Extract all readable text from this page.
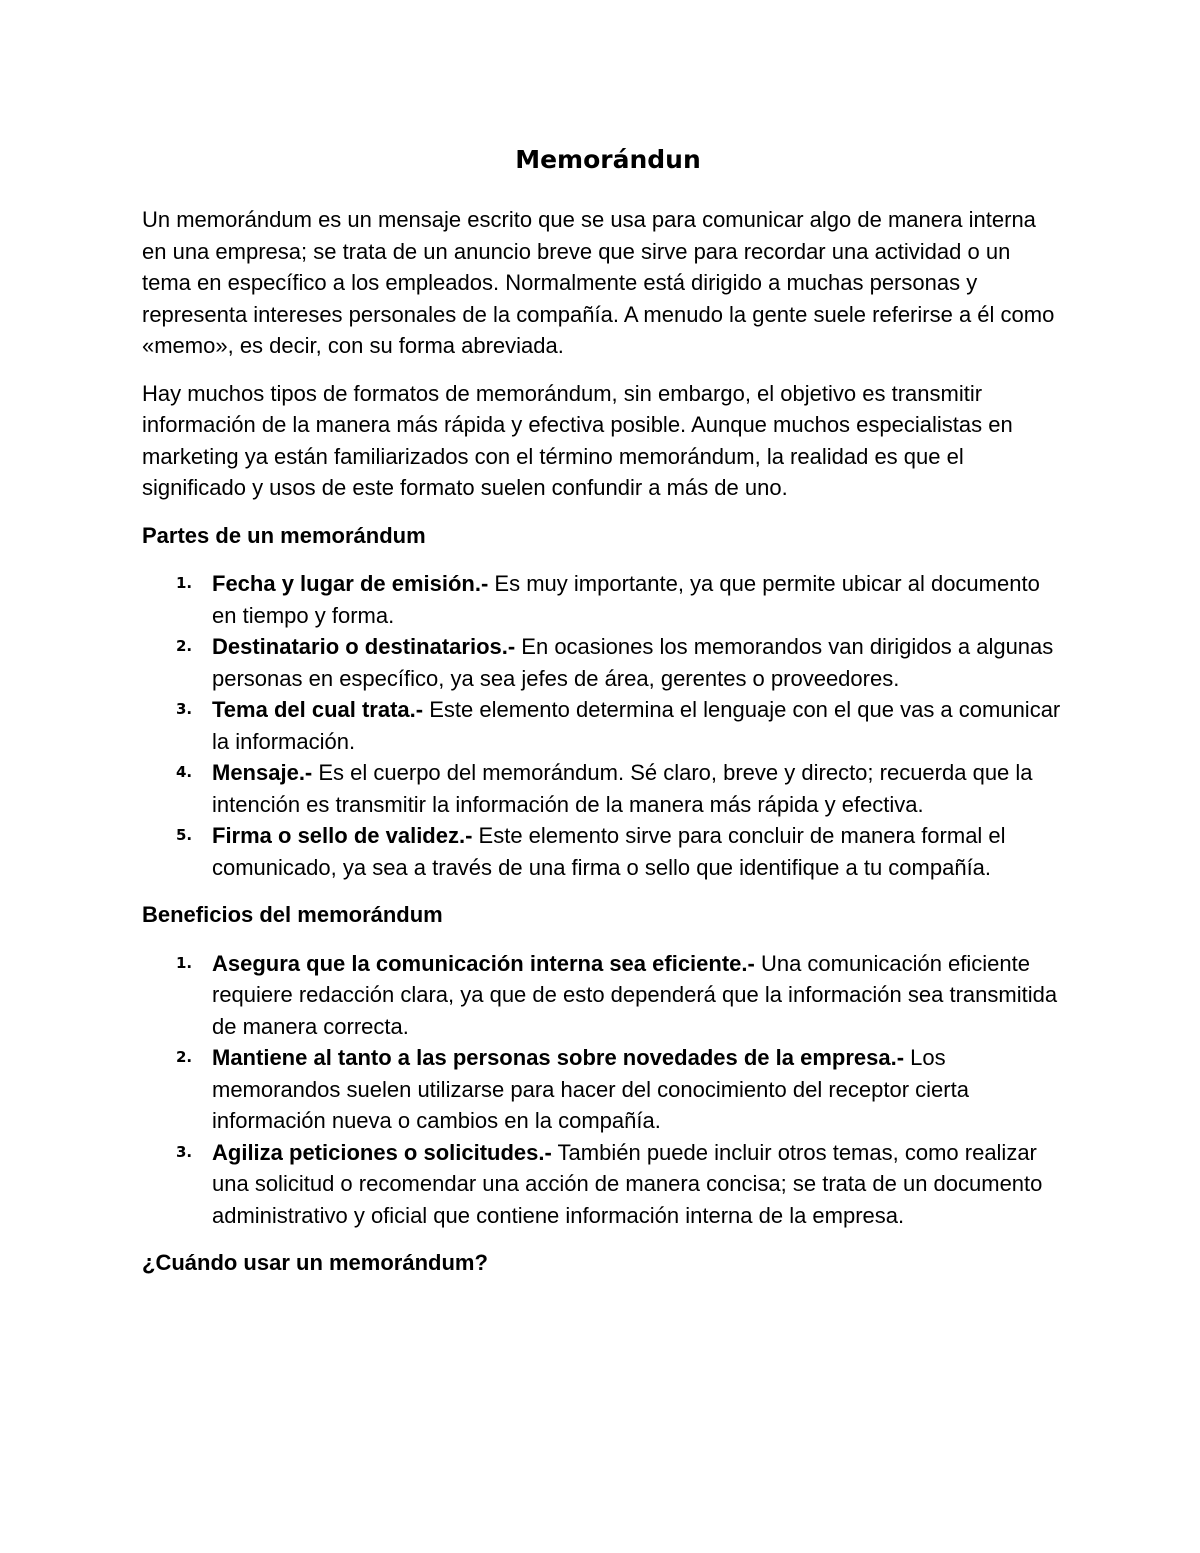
Memorándun

Un memorándum es un mensaje escrito que se usa para comunicar algo de manera interna en una empresa; se trata de un anuncio breve que sirve para recordar una actividad o un tema en específico a los empleados. Normalmente está dirigido a muchas personas y representa intereses personales de la compañía. A menudo la gente suele referirse a él como «memo», es decir, con su forma abreviada.

Hay muchos tipos de formatos de memorándum, sin embargo, el objetivo es transmitir información de la manera más rápida y efectiva posible. Aunque muchos especialistas en marketing ya están familiarizados con el término memorándum, la realidad es que el significado y usos de este formato suelen confundir a más de uno.

Partes de un memorándum
1. Fecha y lugar de emisión.- Es muy importante, ya que permite ubicar al documento en tiempo y forma.
2. Destinatario o destinatarios.- En ocasiones los memorandos van dirigidos a algunas personas en específico, ya sea jefes de área, gerentes o proveedores.
3. Tema del cual trata.- Este elemento determina el lenguaje con el que vas a comunicar la información.
4. Mensaje.- Es el cuerpo del memorándum. Sé claro, breve y directo; recuerda que la intención es transmitir la información de la manera más rápida y efectiva.
5. Firma o sello de validez.- Este elemento sirve para concluir de manera formal el comunicado, ya sea a través de una firma o sello que identifique a tu compañía.
Beneficios del memorándum
1. Asegura que la comunicación interna sea eficiente.- Una comunicación eficiente requiere redacción clara, ya que de esto dependerá que la información sea transmitida de manera correcta.
2. Mantiene al tanto a las personas sobre novedades de la empresa.- Los memorandos suelen utilizarse para hacer del conocimiento del receptor cierta información nueva o cambios en la compañía.
3. Agiliza peticiones o solicitudes.- También puede incluir otros temas, como realizar una solicitud o recomendar una acción de manera concisa; se trata de un documento administrativo y oficial que contiene información interna de la empresa.
¿Cuándo usar un memorándum?
